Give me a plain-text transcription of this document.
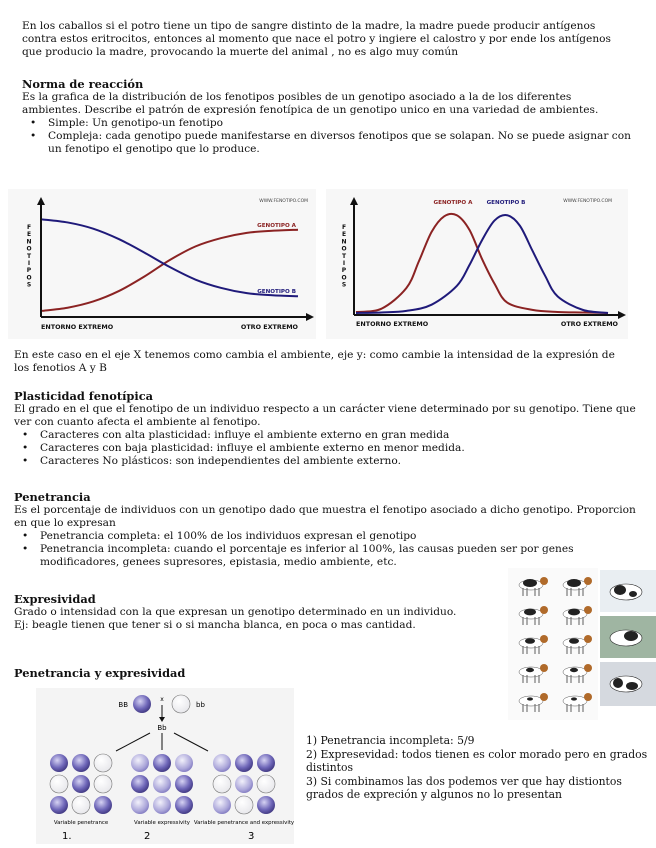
En los caballos si el potro tiene un tipo de sangre distinto de la madre, la madre puede producir antígenos contra estos eritrocitos, entonces al momento que nace el potro y ingiere el calostro y por ende los antígenos que producio la madre, provocando la muerte del animal , no es algo muy común

Norma de reacción

Es la grafica de la distribución de los fenotipos posibles de un genotipo asociado a la de los diferentes ambientes. Describe el patrón de expresión fenotípica de un genotipo unico en una variedad de ambientes.

• Simple: Un genotipo-un fenotipo
• Compleja: cada genotipo puede manifestarse en diversos fenotipos que se solapan. No se puede asignar con un fenotipo el genotipo que lo produce.
WWW.FENOTIPO.COM
F E N O T I P O S
ENTORNO EXTREMO	OTRO EXTREMO
GENOTIPO A
GENOTIPO B
WWW.FENOTIPO.COM
F E N O T I P O S
ENTORNO EXTREMO	OTRO EXTREMO
GENOTIPO A	GENOTIPO B

En este caso en el eje X tenemos como cambia el ambiente, eje y: como cambie la intensidad de la expresión de los fenotios A y B

Plasticidad fenotípica

El grado en el que el fenotipo de un individuo respecto a un carácter viene determinado por su genotipo. Tiene que ver con cuanto afecta el ambiente al fenotipo.

• Caracteres con alta plasticidad: influye el ambiente externo en gran medida
• Caracteres con baja plasticidad: influye el ambiente externo en menor medida.
• Caracteres No plásticos: son independientes del ambiente externo.
Penetrancia

Es el porcentaje de individuos con un genotipo dado que muestra el fenotipo asociado a dicho genotipo. Proporcion en que lo expresan

• Penetrancia completa: el 100% de los individuos expresan el genotipo
• Penetrancia incompleta: cuando el porcentaje es inferior al 100%, las causas pueden ser por genes modificadores, genees supresores, epistasia, medio ambiente, etc.
Expresividad

Grado o intensidad con la que expresan un genotipo determinado en un individuo.

Ej: beagle tienen que tener si o si mancha blanca, en poca o mas cantidad.

Penetrancia y expresividad
BB
x
bb
Bb
Variable penetrance	Variable expressivity Variable penetrance and expressivity
1.	2	3

1) Penetrancia incompleta: 5/9

2) Expresevidad: todos tienen es color morado pero en grados distintos

3) Si combinamos las dos podemos ver que hay distiontos grados de expreción y algunos no lo presentan
